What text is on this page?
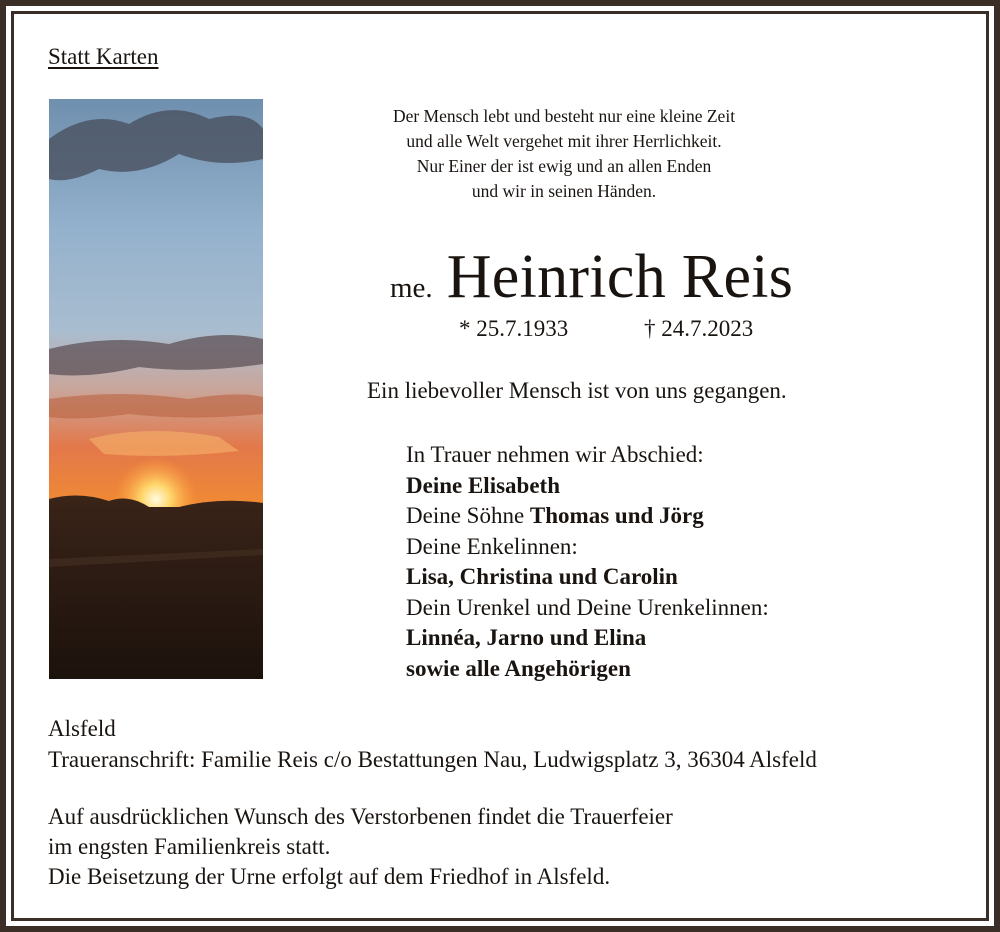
Statt Karten

Der Mensch lebt und besteht nur eine kleine Zeit
und alle Welt vergehet mit ihrer Herrlichkeit.
Nur Einer der ist ewig und an allen Enden
und wir in seinen Händen.
me. Heinrich Reis

* 25.7.1933	† 24.7.2023

Ein liebevoller Mensch ist von uns gegangen.

In Trauer nehmen wir Abschied:
Deine Elisabeth
Deine Söhne Thomas und Jörg
Deine Enkelinnen:
Lisa, Christina und Carolin
Dein Urenkel und Deine Urenkelinnen:
Linnéa, Jarno und Elina
sowie alle Angehörigen

Alsfeld

Traueranschrift: Familie Reis c/o Bestattungen Nau, Ludwigsplatz 3, 36304 Alsfeld

Auf ausdrücklichen Wunsch des Verstorbenen findet die Trauerfeier
im engsten Familienkreis statt.
Die Beisetzung der Urne erfolgt auf dem Friedhof in Alsfeld.
